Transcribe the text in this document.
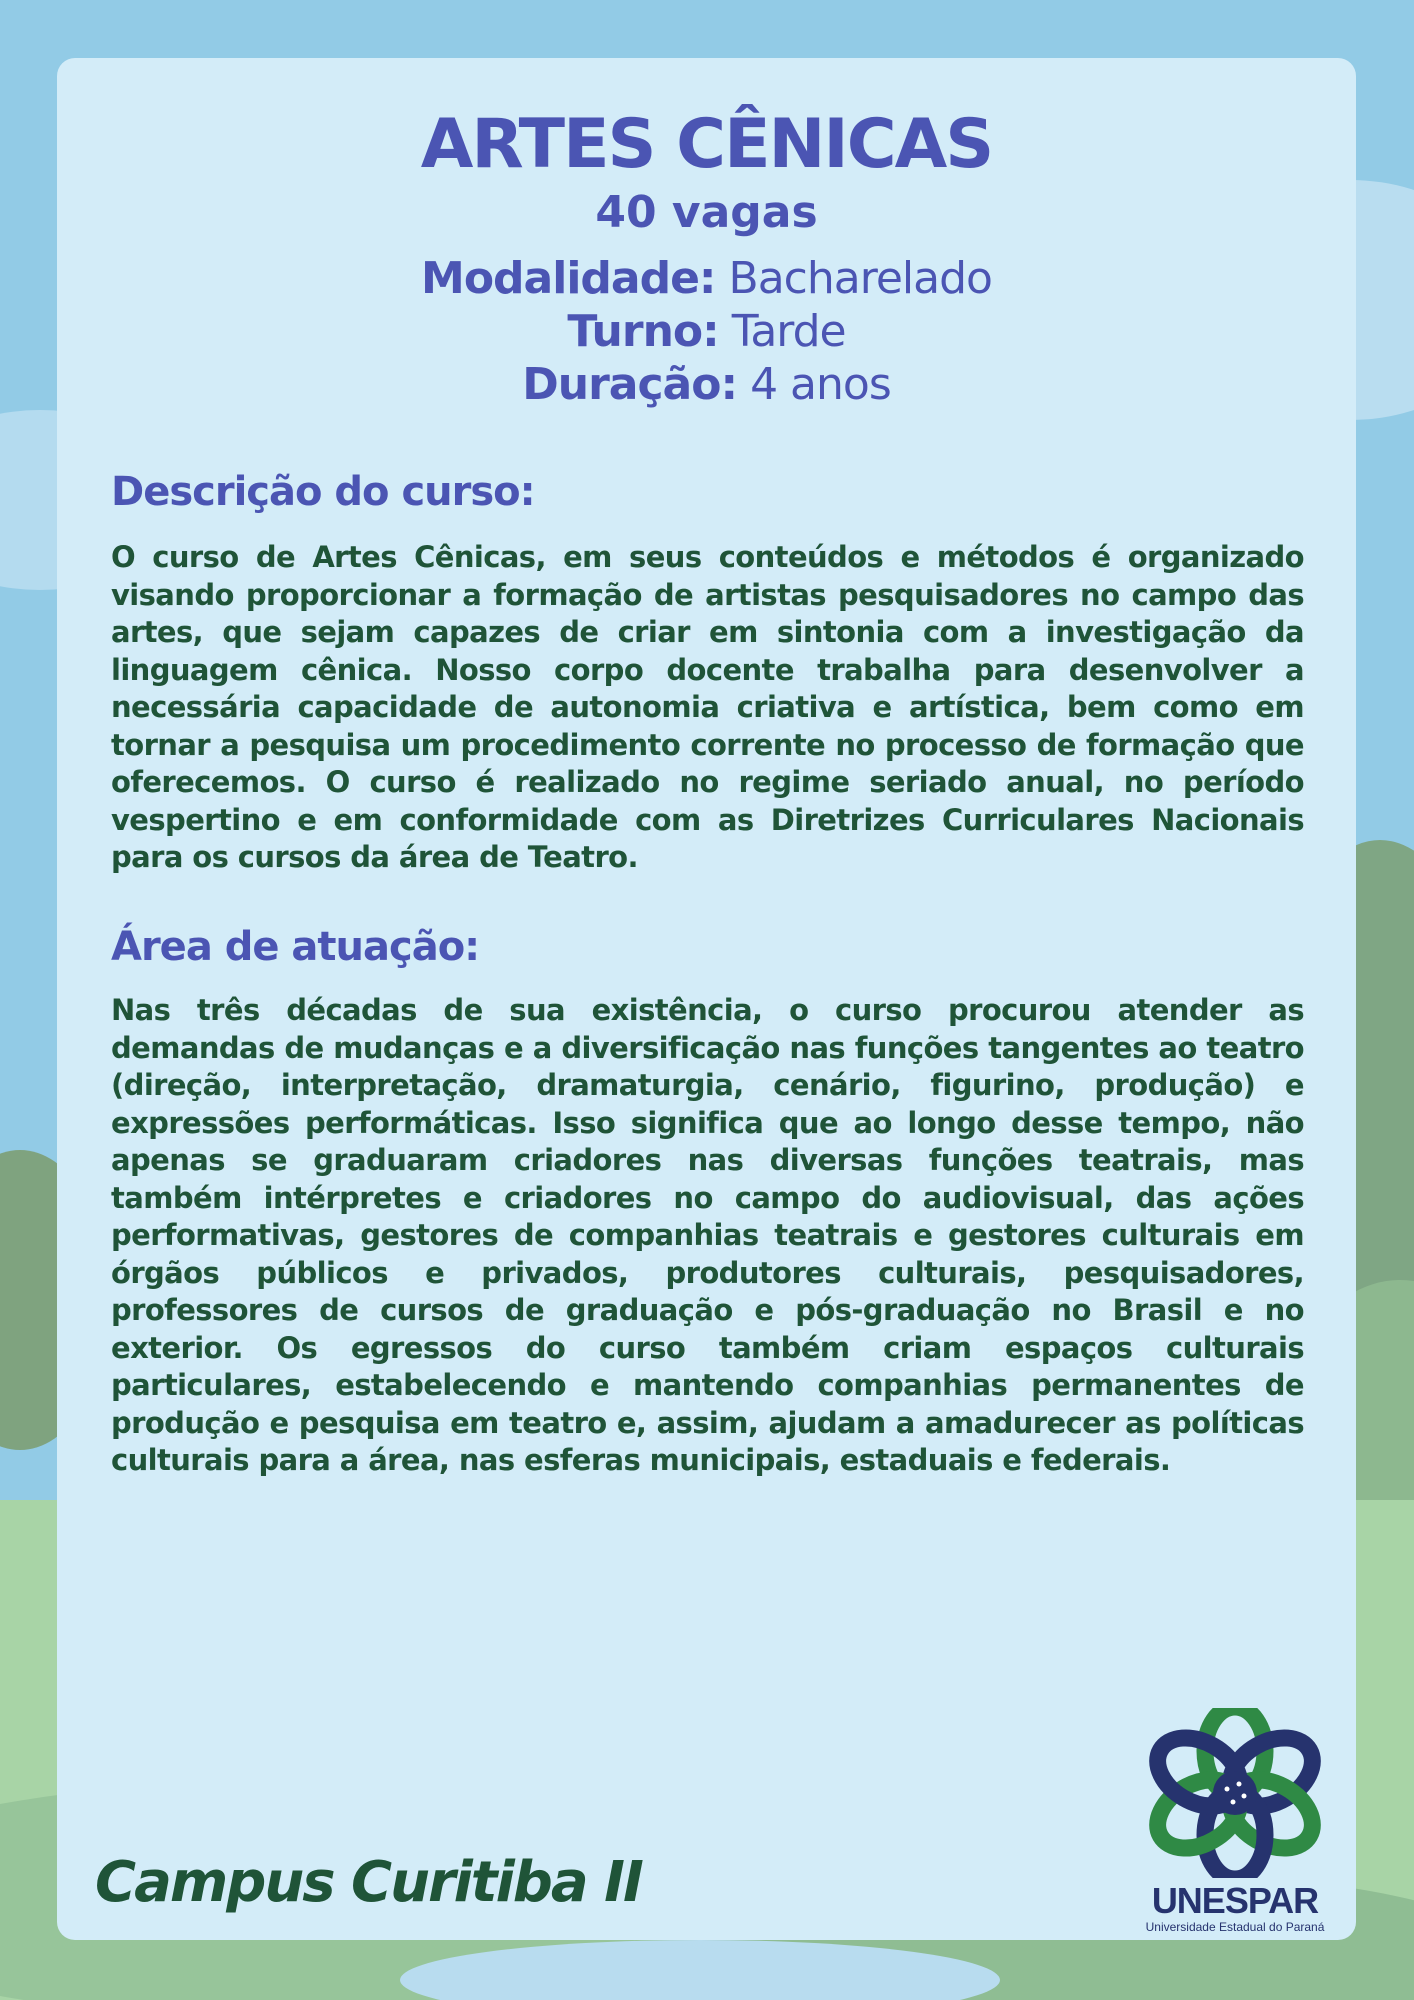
ARTES CÊNICAS
40 vagas
Modalidade: Bacharelado
Turno: Tarde
Duração: 4 anos
Descrição do curso:

O curso de Artes Cênicas, em seus conteúdos e métodos é organizado visando proporcionar a formação de artistas pesquisadores no campo das artes, que sejam capazes de criar em sintonia com a investigação da linguagem cênica. Nosso corpo docente trabalha para desenvolver a necessária capacidade de autonomia criativa e artística, bem como em tornar a pesquisa um procedimento corrente no processo de formação que oferecemos. O curso é realizado no regime seriado anual, no período vespertino e em conformidade com as Diretrizes Curriculares Nacionais para os cursos da área de Teatro.

Área de atuação:

Nas três décadas de sua existência, o curso procurou atender as demandas de mudanças e a diversificação nas funções tangentes ao teatro (direção, interpretação, dramaturgia, cenário, figurino, produção) e expressões performáticas. Isso significa que ao longo desse tempo, não apenas se graduaram criadores nas diversas funções teatrais, mas também intérpretes e criadores no campo do audiovisual, das ações performativas, gestores de companhias teatrais e gestores culturais em órgãos públicos e privados, produtores culturais, pesquisadores, professores de cursos de graduação e pós-graduação no Brasil e no exterior. Os egressos do curso também criam espaços culturais particulares, estabelecendo e mantendo companhias permanentes de produção e pesquisa em teatro e, assim, ajudam a amadurecer as políticas culturais para a área, nas esferas municipais, estaduais e federais.

Campus Curitiba II	UNESPAR
Universidade Estadual do Paraná
